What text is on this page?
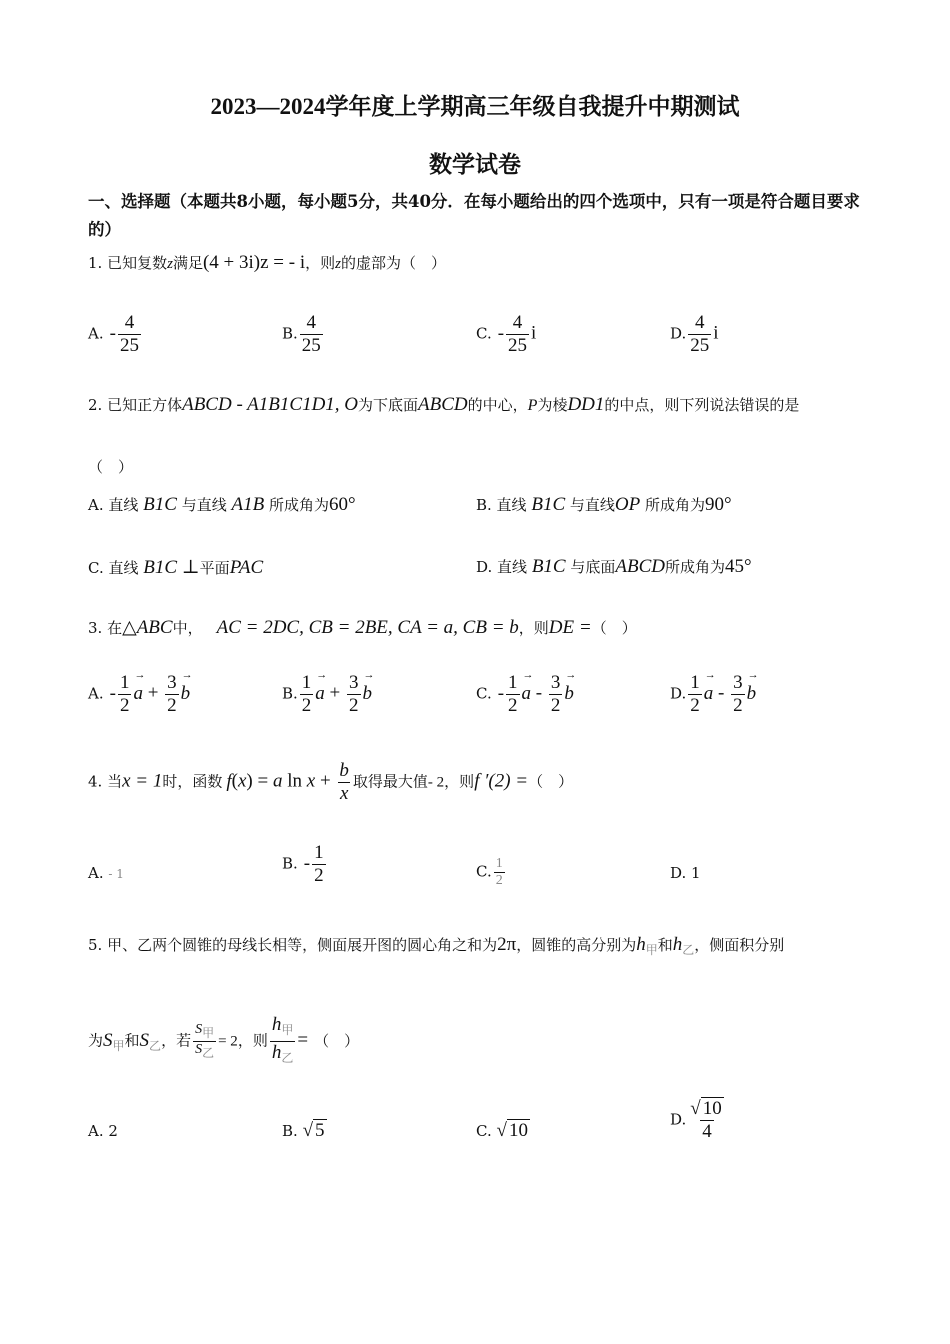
2023—2024学年度上学期高三年级自我提升中期测试
数学试卷
一、选择题（本题共8小题，每小题5分，共40分．在每小题给出的四个选项中，只有一项是符合题目要求的）
1. 已知复数z满足(4 + 3i)z = - i，则z的虚部为（　）
A. - $\frac{4}{25}$	B. $\frac{4}{25}$	C. - $\frac{4}{25}$ i	D. $\frac{4}{25}$ i
2. 已知正方体ABCD - A1B1C1D1, O为下底面ABCD的中心，P为棱DD1的中点，则下列说法错误的是
（　）
A. 直线 B1C 与直线 A1B 所成角为60°	B. 直线 B1C 与直线OP 所成角为90°
C. 直线 B1C ⊥平面PAC	D. 直线 B1C 与底面ABCD所成角为45°
3. 在△ABC中， AC = 2DC, CB = 2BE, CA = a, CB = b，则DE =（　）
A. - $\frac{1}{2}$
→ $a + \frac{3}{2}$
→ b	B. $\frac{1}{2}$
→ $a + \frac{3}{2}$
→ b	C. - $\frac{1}{2}$
→ a - $\frac{3}{2}$
→ b	D. $\frac{1}{2}$
→ a - $\frac{3}{2}$
→ b
4. 当x = 1时，函数 f(x) = a $\ln x + \frac{b}{x}$ 取得最大值- 2，则f ′(2) =（　）
A. - 1
B. - $\frac{1}{2}$	C. $\frac{1}{2}$	D. 1
5. 甲、乙两个圆锥的母线长相等，侧面展开图的圆心角之和为2π，圆锥的高分别为$h_甲$和$h_乙$，侧面积分别
为$S_甲$和$S_乙$，若 $\frac{\text{S甲}}{\text{S乙}} = 2$，则 $\frac{h_甲}{h_乙}$ = （　）
A. 2	B. √ 5	C. √ 10
D. $\frac{√ 10}{4}$
